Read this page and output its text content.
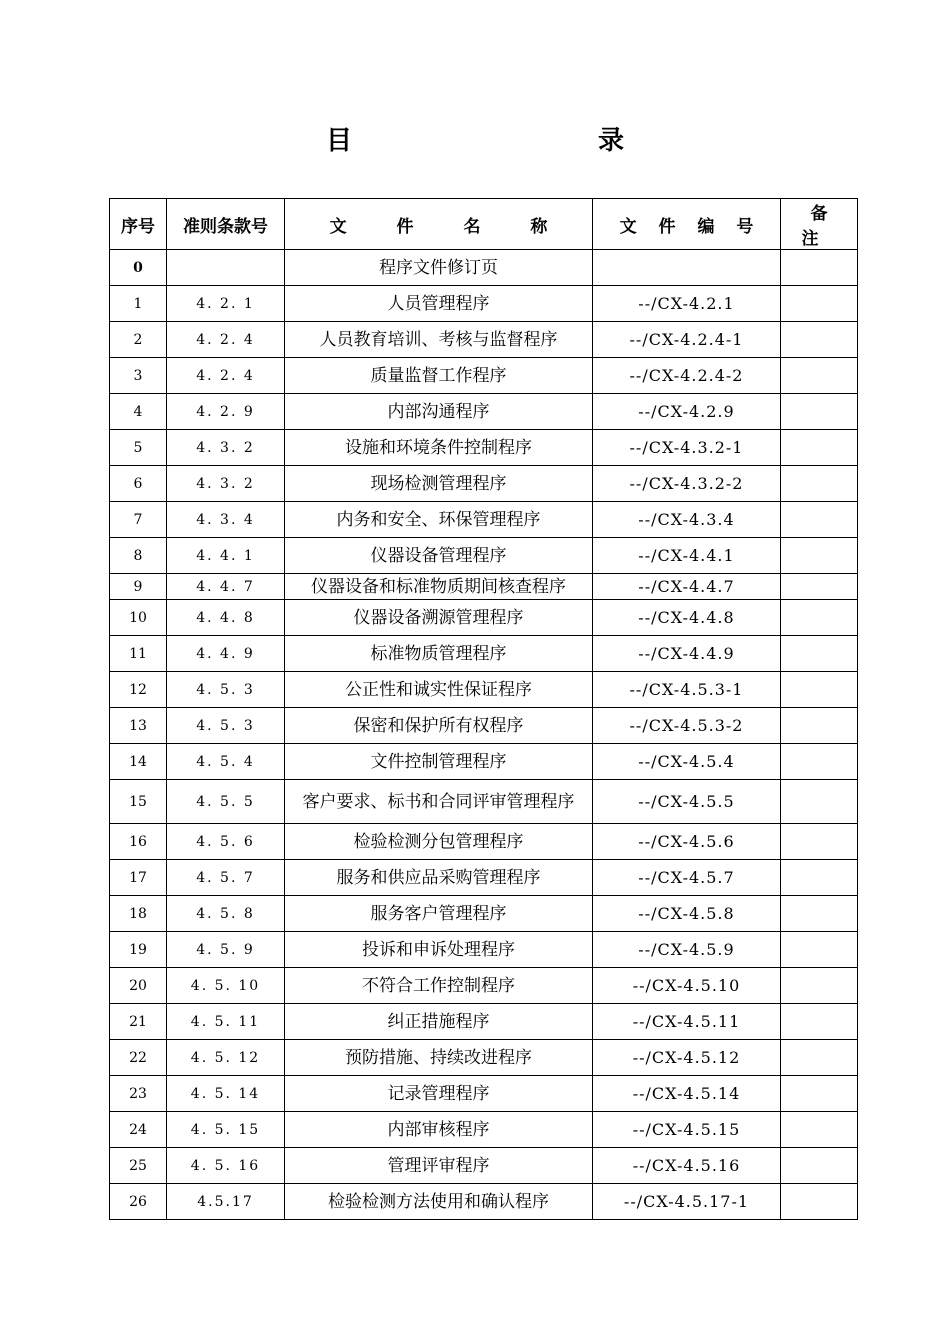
目　录
序号	准则条款号	文 件 名 称	文 件 编 号	备 注
0		程序文件修订页		
1	4. 2. 1	人员管理程序	--/CX-4.2.1	
2	4. 2. 4	人员教育培训、考核与监督程序	--/CX-4.2.4-1	
3	4. 2. 4	质量监督工作程序	--/CX-4.2.4-2	
4	4. 2. 9	内部沟通程序	--/CX-4.2.9	
5	4. 3. 2	设施和环境条件控制程序	--/CX-4.3.2-1	
6	4. 3. 2	现场检测管理程序	--/CX-4.3.2-2	
7	4. 3. 4	内务和安全、环保管理程序	--/CX-4.3.4	
8	4. 4. 1	仪器设备管理程序	--/CX-4.4.1	
9	4. 4. 7	仪器设备和标准物质期间核查程序	--/CX-4.4.7	
10	4. 4. 8	仪器设备溯源管理程序	--/CX-4.4.8	
11	4. 4. 9	标准物质管理程序	--/CX-4.4.9	
12	4. 5. 3	公正性和诚实性保证程序	--/CX-4.5.3-1	
13	4. 5. 3	保密和保护所有权程序	--/CX-4.5.3-2	
14	4. 5. 4	文件控制管理程序	--/CX-4.5.4	
15	4. 5. 5	客户要求、标书和合同评审管理程序	--/CX-4.5.5	
16	4. 5. 6	检验检测分包管理程序	--/CX-4.5.6	
17	4. 5. 7	服务和供应品采购管理程序	--/CX-4.5.7	
18	4. 5. 8	服务客户管理程序	--/CX-4.5.8	
19	4. 5. 9	投诉和申诉处理程序	--/CX-4.5.9	
20	4. 5. 10	不符合工作控制程序	--/CX-4.5.10	
21	4. 5. 11	纠正措施程序	--/CX-4.5.11	
22	4. 5. 12	预防措施、持续改进程序	--/CX-4.5.12	
23	4. 5. 14	记录管理程序	--/CX-4.5.14	
24	4. 5. 15	内部审核程序	--/CX-4.5.15	
25	4. 5. 16	管理评审程序	--/CX-4.5.16	
26	4.5.17	检验检测方法使用和确认程序	--/CX-4.5.17-1	
